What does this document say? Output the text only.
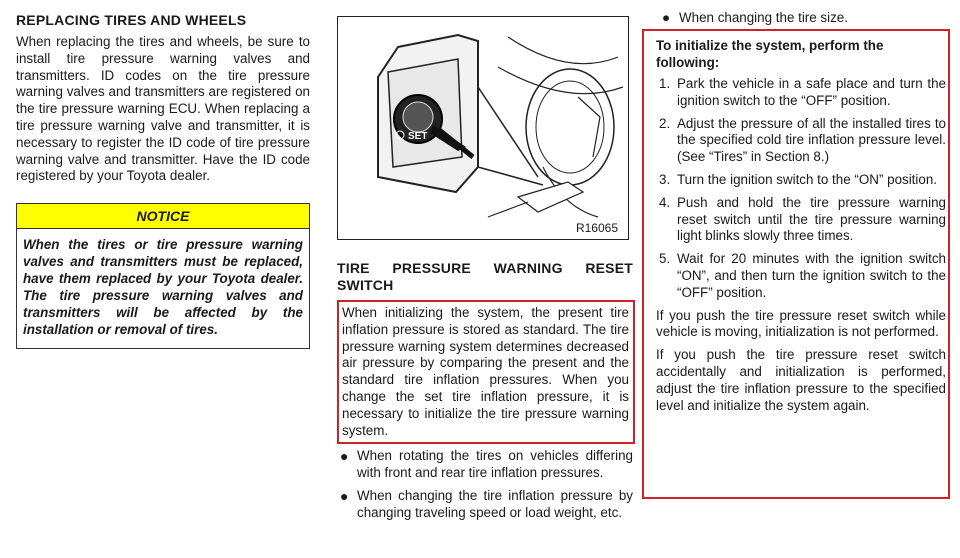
REPLACING TIRES AND WHEELS
When replacing the tires and wheels, be sure to install tire pressure warning valves and transmitters. ID codes on the tire pressure warning valves and transmitters are registered on the tire pressure warning ECU. When replacing a tire pressure warning valve and transmitter, it is necessary to register the ID code of tire pressure warning valve and transmitter. Have the ID code registered by your Toyota dealer.
NOTICE
When the tires or tire pressure warning valves and transmitters must be replaced, have them replaced by your Toyota dealer. The tire pressure warning valves and transmitters will be affected by the installation or removal of tires.
SET
R16065
TIRE PRESSURE WARNING RESET SWITCH
When initializing the system, the present tire inflation pressure is stored as standard. The tire pressure warning system determines decreased air pressure by comparing the present and the standard tire inflation pressures. When you change the set tire inflation pressure, it is necessary to initialize the tire pressure warning system.
● When rotating the tires on vehicles differing with front and rear tire inflation pressures.
● When changing the tire inflation pressure by changing traveling speed or load weight, etc.
● When changing the tire size.
To initialize the system, perform the following:
1. Park the vehicle in a safe place and turn the ignition switch to the “OFF” position.
2. Adjust the pressure of all the installed tires to the specified cold tire inflation pressure level. (See “Tires” in Section 8.)
3. Turn the ignition switch to the “ON” position.
4. Push and hold the tire pressure warning reset switch until the tire pressure warning light blinks slowly three times.
5. Wait for 20 minutes with the ignition switch “ON”, and then turn the ignition switch to the “OFF” position.
If you push the tire pressure reset switch while vehicle is moving, initialization is not performed.
If you push the tire pressure reset switch accidentally and initialization is performed, adjust the tire inflation pressure to the specified level and initialize the system again.
